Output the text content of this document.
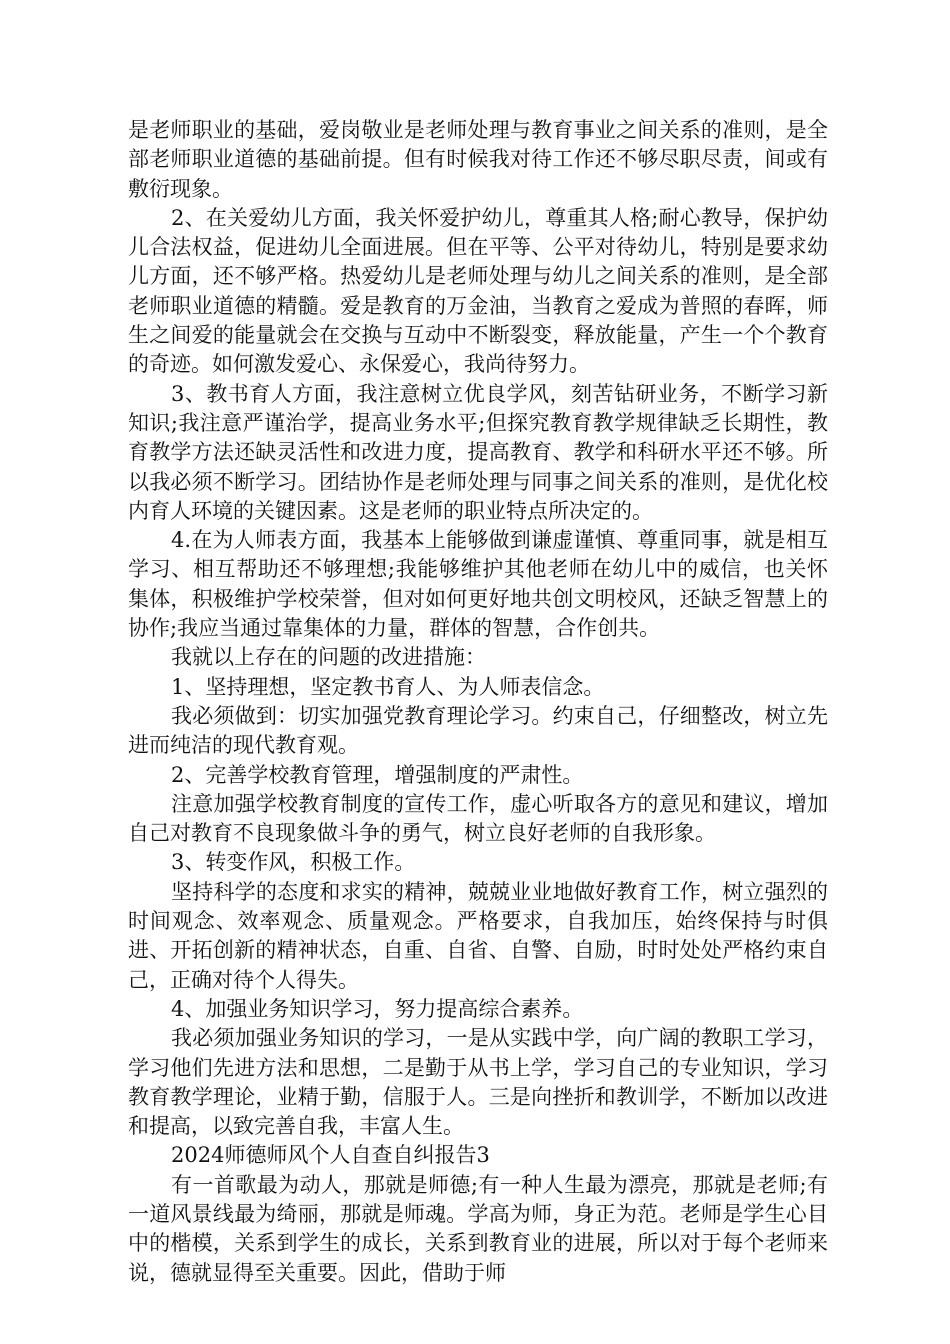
是老师职业的基础，爱岗敬业是老师处理与教育事业之间关系的准则，是全部老师职业道德的基础前提。但有时候我对待工作还不够尽职尽责，间或有敷衍现象。

2、在关爱幼儿方面，我关怀爱护幼儿，尊重其人格;耐心教导，保护幼儿合法权益，促进幼儿全面进展。但在平等、公平对待幼儿，特别是要求幼儿方面，还不够严格。热爱幼儿是老师处理与幼儿之间关系的准则，是全部老师职业道德的精髓。爱是教育的万金油，当教育之爱成为普照的春晖，师生之间爱的能量就会在交换与互动中不断裂变，释放能量，产生一个个教育的奇迹。如何激发爱心、永保爱心，我尚待努力。

3、教书育人方面，我注意树立优良学风，刻苦钻研业务，不断学习新知识;我注意严谨治学，提高业务水平;但探究教育教学规律缺乏长期性，教育教学方法还缺灵活性和改进力度，提高教育、教学和科研水平还不够。所以我必须不断学习。团结协作是老师处理与同事之间关系的准则，是优化校内育人环境的关键因素。这是老师的职业特点所决定的。

4.在为人师表方面，我基本上能够做到谦虚谨慎、尊重同事，就是相互学习、相互帮助还不够理想;我能够维护其他老师在幼儿中的威信，也关怀集体，积极维护学校荣誉，但对如何更好地共创文明校风，还缺乏智慧上的协作;我应当通过靠集体的力量，群体的智慧，合作创共。

我就以上存在的问题的改进措施：

1、坚持理想，坚定教书育人、为人师表信念。

我必须做到：切实加强党教育理论学习。约束自己，仔细整改，树立先进而纯洁的现代教育观。

2、完善学校教育管理，增强制度的严肃性。

注意加强学校教育制度的宣传工作，虚心听取各方的意见和建议，增加自己对教育不良现象做斗争的勇气，树立良好老师的自我形象。

3、转变作风，积极工作。

坚持科学的态度和求实的精神，兢兢业业地做好教育工作，树立强烈的时间观念、效率观念、质量观念。严格要求，自我加压，始终保持与时俱进、开拓创新的精神状态，自重、自省、自警、自励，时时处处严格约束自己，正确对待个人得失。

4、加强业务知识学习，努力提高综合素养。

我必须加强业务知识的学习，一是从实践中学，向广阔的教职工学习，学习他们先进方法和思想，二是勤于从书上学，学习自己的专业知识，学习教育教学理论，业精于勤，信服于人。三是向挫折和教训学，不断加以改进和提高，以致完善自我，丰富人生。

2024师德师风个人自查自纠报告3

有一首歌最为动人，那就是师德;有一种人生最为漂亮，那就是老师;有一道风景线最为绮丽，那就是师魂。学高为师，身正为范。老师是学生心目中的楷模，关系到学生的成长，关系到教育业的进展，所以对于每个老师来说，德就显得至关重要。因此，借助于师
